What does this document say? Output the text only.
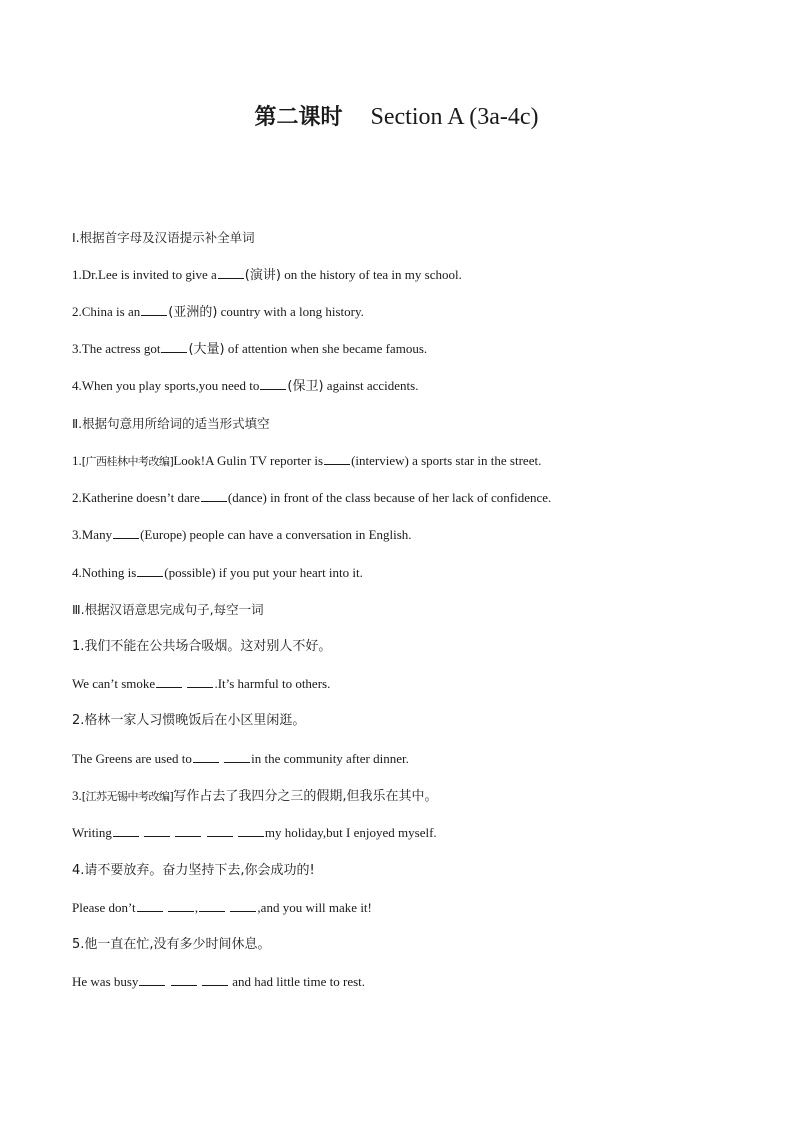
第二课时 Section A (3a-4c)
Ⅰ.根据首字母及汉语提示补全单词
1.Dr.Lee is invited to give a (演讲) on the history of tea in my school.
2.China is an (亚洲的) country with a long history.
3.The actress got (大量) of attention when she became famous.
4.When you play sports,you need to (保卫) against accidents.
Ⅱ.根据句意用所给词的适当形式填空
1.[广西桂林中考改编]Look!A Gulin TV reporter is (interview) a sports star in the street.
2.Katherine doesn’t dare (dance) in front of the class because of her lack of confidence.
3.Many (Europe) people can have a conversation in English.
4.Nothing is (possible) if you put your heart into it.
Ⅲ.根据汉语意思完成句子,每空一词
1.我们不能在公共场合吸烟。这对别人不好。
We can’t smoke	.It’s harmful to others.
2.格林一家人习惯晚饭后在小区里闲逛。
The Greens are used to	in the community after dinner.
3.[江苏无锡中考改编]写作占去了我四分之三的假期,但我乐在其中。
Writing	my holiday,but I enjoyed myself.
4.请不要放弃。奋力坚持下去,你会成功的!
Please don’t	,	,and you will make it!
5.他一直在忙,没有多少时间休息。
He was busy	and had little time to rest.
